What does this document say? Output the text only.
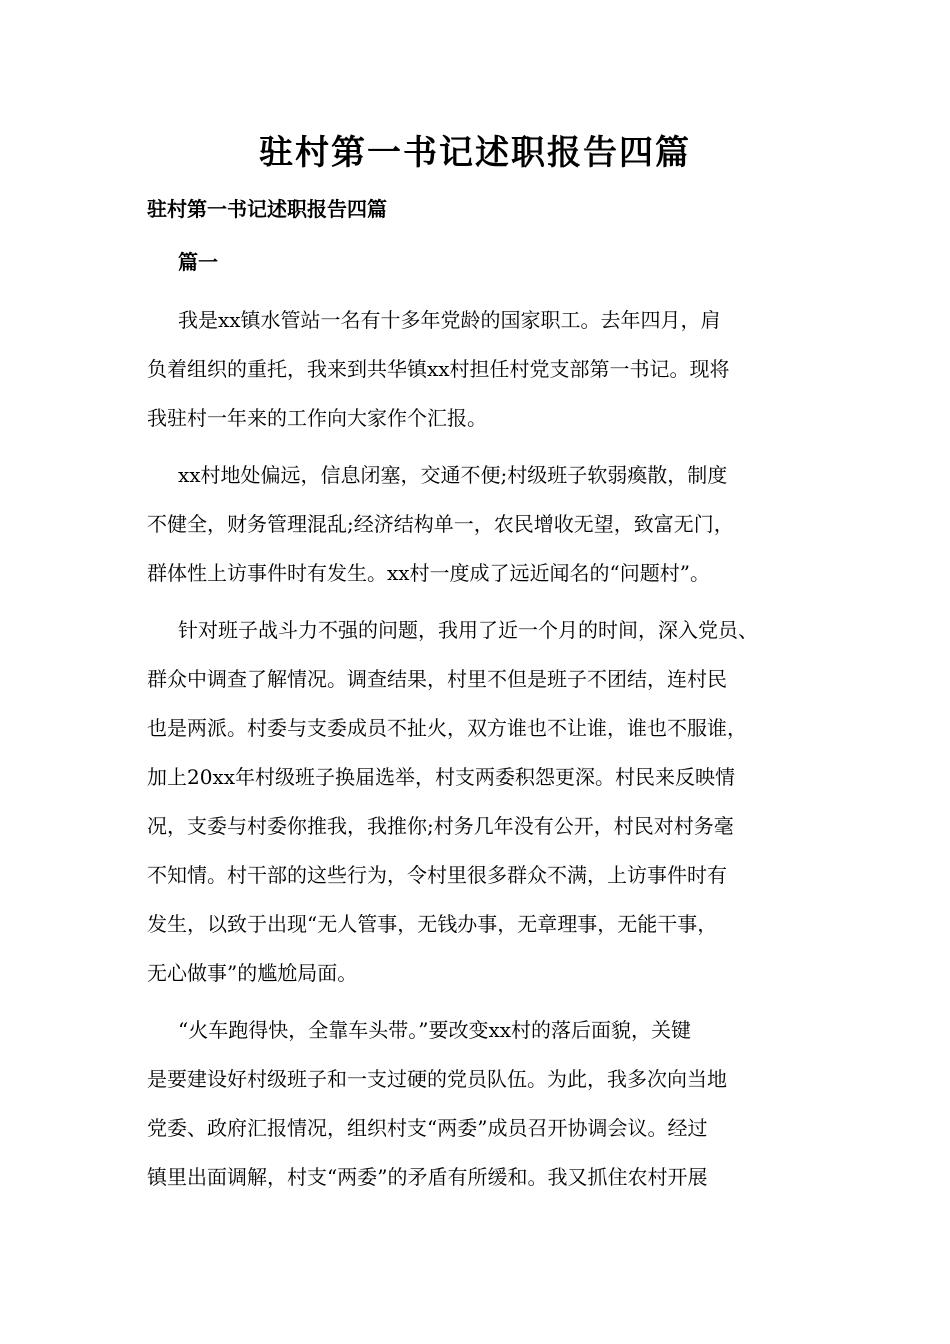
驻村第一书记述职报告四篇
驻村第一书记述职报告四篇
篇一
我是xx镇水管站一名有十多年党龄的国家职工。去年四月，肩
负着组织的重托，我来到共华镇xx村担任村党支部第一书记。现将
我驻村一年来的工作向大家作个汇报。
xx村地处偏远，信息闭塞，交通不便;村级班子软弱瘓散，制度
不健全，财务管理混乱;经济结构单一，农民增收无望，致富无门，
群体性上访事件时有发生。xx村一度成了远近闻名的“问题村”。
针对班子战斗力不强的问题，我用了近一个月的时间，深入党员、
群众中调查了解情况。调查结果，村里不但是班子不团结，连村民
也是两派。村委与支委成员不扯火，双方谁也不让谁，谁也不服谁，
加上20xx年村级班子换届选举，村支两委积怨更深。村民来反映情
况，支委与村委你推我，我推你;村务几年没有公开，村民对村务毫
不知情。村干部的这些行为，令村里很多群众不满，上访事件时有
发生，以致于出现“无人管事，无钱办事，无章理事，无能干事，
无心做事”的尴尬局面。
“火车跑得快，全靠车头带。”要改变xx村的落后面貌，关键
是要建设好村级班子和一支过硬的党员队伍。为此，我多次向当地
党委、政府汇报情况，组织村支“两委”成员召开协调会议。经过
镇里出面调解，村支“两委”的矛盾有所缓和。我又抓住农村开展
